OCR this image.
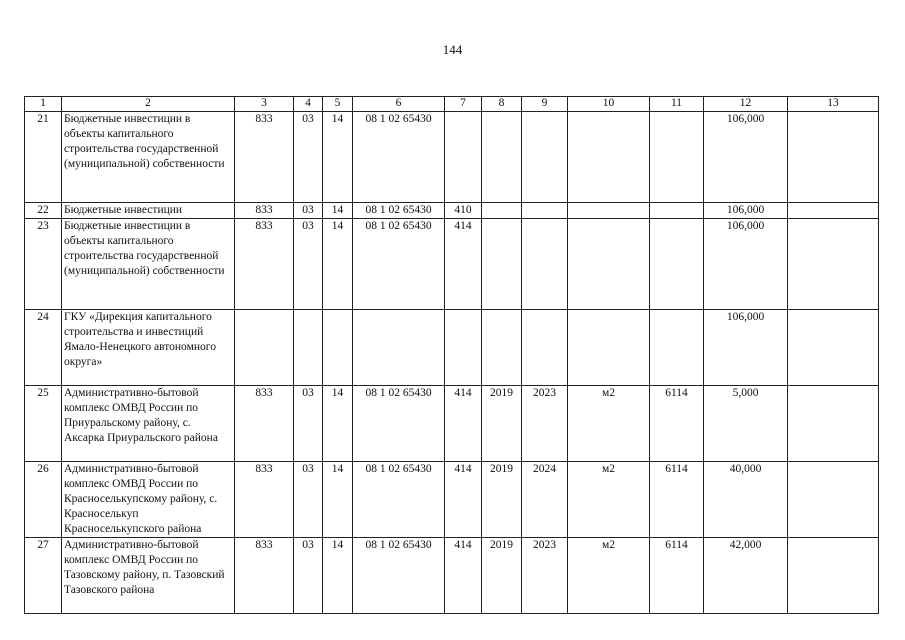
144
1	2	3	4	5	6	7	8	9	10	11	12	13
21	Бюджетные инвестиции в объекты капитального строительства государственной (муниципальной) собственности	833	03	14	08 1 02 65430						106,000	
22	Бюджетные инвестиции	833	03	14	08 1 02 65430	410					106,000	
23	Бюджетные инвестиции в объекты капитального строительства государственной (муниципальной) собственности	833	03	14	08 1 02 65430	414					106,000	
24	ГКУ «Дирекция капитального строительства и инвестиций Ямало-Ненецкого автономного округа»										106,000	
25	Административно-бытовой комплекс ОМВД России по Приуральскому району, с. Аксарка Приуральского района	833	03	14	08 1 02 65430	414	2019	2023	м2	6114	5,000	
26	Административно-бытовой комплекс ОМВД России по Красноселькупскому району, с. Красноселькуп Красноселькупского района	833	03	14	08 1 02 65430	414	2019	2024	м2	6114	40,000	
27	Административно-бытовой комплекс ОМВД России по Тазовскому району, п. Тазовский Тазовского района	833	03	14	08 1 02 65430	414	2019	2023	м2	6114	42,000	
